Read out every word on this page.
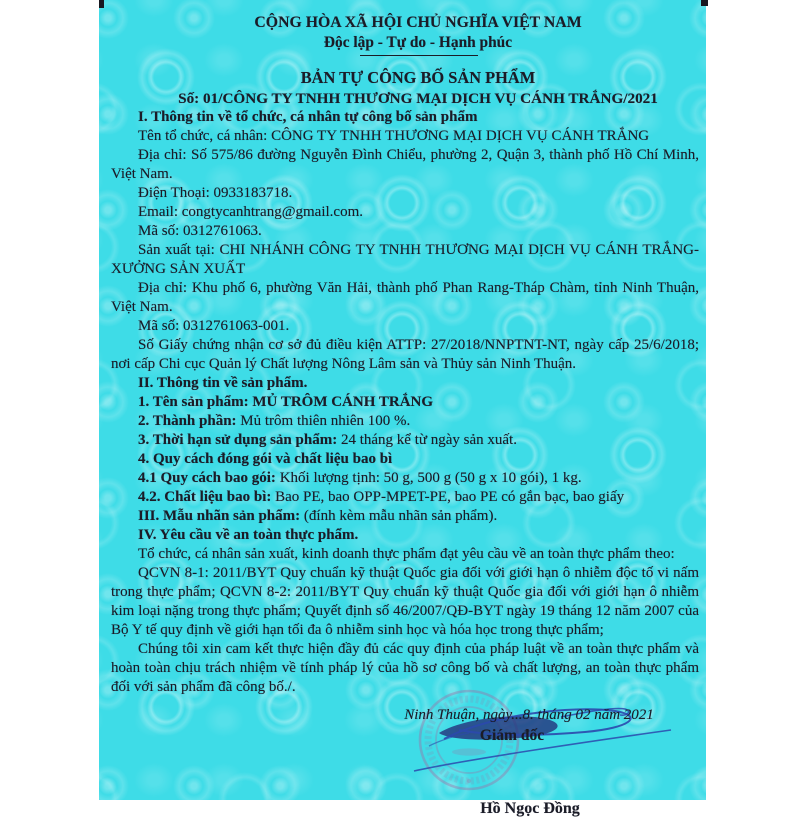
CỘNG HÒA XÃ HỘI CHỦ NGHĨA VIỆT NAM
Độc lập - Tự do - Hạnh phúc
BẢN TỰ CÔNG BỐ SẢN PHẨM
Số: 01/CÔNG TY TNHH THƯƠNG MẠI DỊCH VỤ CÁNH TRẮNG/2021

I. Thông tin về tổ chức, cá nhân tự công bố sản phẩm

Tên tổ chức, cá nhân: CÔNG TY TNHH THƯƠNG MẠI DỊCH VỤ CÁNH TRẮNG

Địa chỉ: Số 575/86 đường Nguyễn Đình Chiểu, phường 2, Quận 3, thành phố Hồ Chí Minh, Việt Nam.

Điện Thoại: 0933183718.

Email: congtycanhtrang@gmail.com.

Mã số: 0312761063.

Sản xuất tại: CHI NHÁNH CÔNG TY TNHH THƯƠNG MẠI DỊCH VỤ CÁNH TRẮNG-XƯỞNG SẢN XUẤT

Địa chỉ: Khu phố 6, phường Văn Hải, thành phố Phan Rang-Tháp Chàm, tỉnh Ninh Thuận, Việt Nam.

Mã số: 0312761063-001.

Số Giấy chứng nhận cơ sở đủ điều kiện ATTP: 27/2018/NNPTNT-NT, ngày cấp 25/6/2018; nơi cấp Chi cục Quản lý Chất lượng Nông Lâm sản và Thủy sản Ninh Thuận.

II. Thông tin về sản phẩm.

1. Tên sản phẩm: MỦ TRÔM CÁNH TRẮNG

2. Thành phần: Mủ trôm thiên nhiên 100 %.

3. Thời hạn sử dụng sản phẩm: 24 tháng kể từ ngày sản xuất.

4. Quy cách đóng gói và chất liệu bao bì

4.1 Quy cách bao gói: Khối lượng tịnh: 50 g, 500 g (50 g x 10 gói), 1 kg.

4.2. Chất liệu bao bì: Bao PE, bao OPP-MPET-PE, bao PE có gắn bạc, bao giấy

III. Mẫu nhãn sản phẩm: (đính kèm mẫu nhãn sản phẩm).

IV. Yêu cầu về an toàn thực phẩm.

Tổ chức, cá nhân sản xuất, kinh doanh thực phẩm đạt yêu cầu về an toàn thực phẩm theo:

QCVN 8-1: 2011/BYT Quy chuẩn kỹ thuật Quốc gia đối với giới hạn ô nhiễm độc tố vi nấm trong thực phẩm; QCVN 8-2: 2011/BYT Quy chuẩn kỹ thuật Quốc gia đối với giới hạn ô nhiễm kim loại nặng trong thực phẩm; Quyết định số 46/2007/QĐ-BYT ngày 19 tháng 12 năm 2007 của Bộ Y tế quy định về giới hạn tối đa ô nhiễm sinh học và hóa học trong thực phẩm;

Chúng tôi xin cam kết thực hiện đầy đủ các quy định của pháp luật về an toàn thực phẩm và hoàn toàn chịu trách nhiệm về tính pháp lý của hồ sơ công bố và chất lượng, an toàn thực phẩm đối với sản phẩm đã công bố./.

Ninh Thuận, ngày...8. tháng 02 năm 2021
Giám đốc
Hồ Ngọc Đồng
